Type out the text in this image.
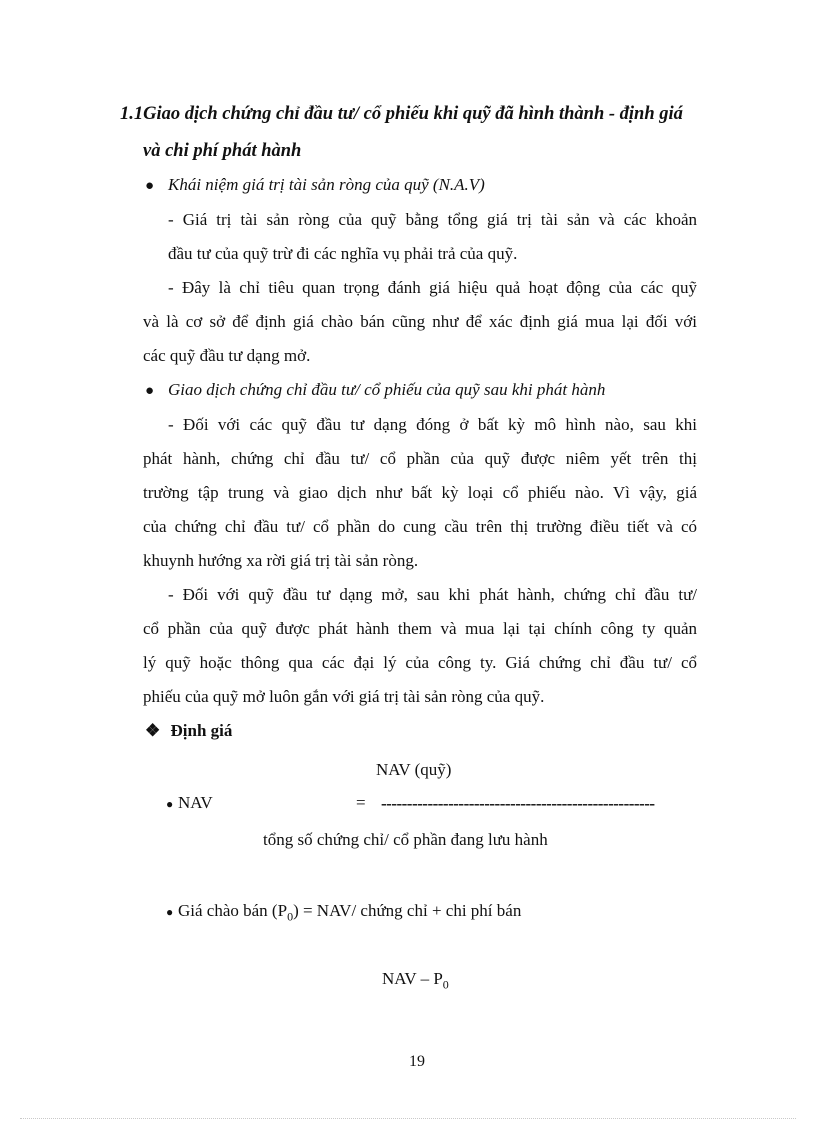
1.1Giao dịch chứng chỉ đầu tư/ cổ phiếu khi quỹ đã hình thành - định giá
và chi phí phát hành
● Khái niệm giá trị tài sản ròng của quỹ (N.A.V)
- Giá trị tài sản ròng của quỹ bằng tổng giá trị tài sản và các khoản
đầu tư của quỹ trừ đi các nghĩa vụ phải trả của quỹ.
- Đây là chỉ tiêu quan trọng đánh giá hiệu quả hoạt động của các quỹ
và là cơ sở để định giá chào bán cũng như để xác định giá mua lại đối với
các quỹ đầu tư dạng mở.
● Giao dịch chứng chỉ đầu tư/ cổ phiếu của quỹ sau khi phát hành
- Đối với các quỹ đầu tư dạng đóng ở bất kỳ mô hình nào, sau khi
phát hành, chứng chỉ đầu tư/ cổ phần của quỹ được niêm yết trên thị
trường tập trung và giao dịch như bất kỳ loại cổ phiếu nào. Vì vậy, giá
của chứng chỉ đầu tư/ cổ phần do cung cầu trên thị trường điều tiết và có
khuynh hướng xa rời giá trị tài sản ròng.
- Đối với quỹ đầu tư dạng mở, sau khi phát hành, chứng chỉ đầu tư/
cổ phần của quỹ được phát hành them và mua lại tại chính công ty quản
lý quỹ hoặc thông qua các đại lý của công ty. Giá chứng chỉ đầu tư/ cổ
phiếu của quỹ mở luôn gắn với giá trị tài sản ròng của quỹ.
❖ Định giá
NAV (quỹ)
● NAV	= -----------------------------------------------------
tổng số chứng chỉ/ cổ phần đang lưu hành
● Giá chào bán $(P_0) = NAV/$ chứng chỉ + chi phí bán
NAV – $P_0$
19
